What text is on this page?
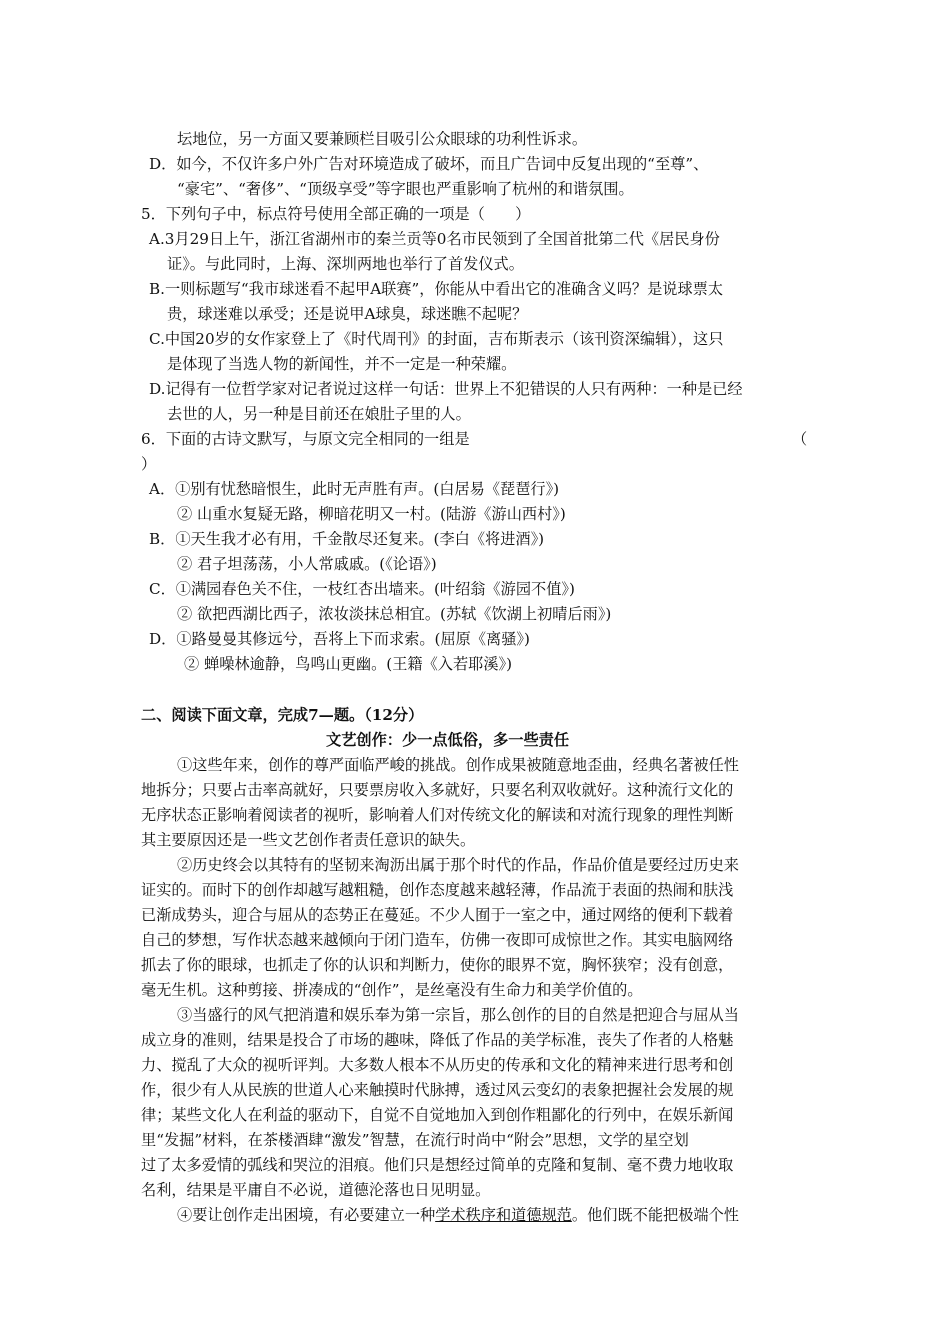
坛地位，另一方面又要兼顾栏目吸引公众眼球的功利性诉求。
D．如今，不仅许多户外广告对环境造成了破坏，而且广告词中反复出现的“至尊”、
“豪宅”、“奢侈”、“顶级享受”等字眼也严重影响了杭州的和谐氛围。
5．下列句子中，标点符号使用全部正确的一项是（　　）
A.3月29日上午，浙江省湖州市的秦兰贡等0名市民领到了全国首批第二代《居民身份
证》。与此同时，上海、深圳两地也举行了首发仪式。
B.一则标题写“我市球迷看不起甲A联赛”，你能从中看出它的准确含义吗？是说球票太
贵，球迷难以承受；还是说甲A球臭，球迷瞧不起呢？
C.中国20岁的女作家登上了《时代周刊》的封面，吉布斯表示（该刊资深编辑），这只
是体现了当选人物的新闻性，并不一定是一种荣耀。
D.记得有一位哲学家对记者说过这样一句话：世界上不犯错误的人只有两种：一种是已经
去世的人，另一种是目前还在娘肚子里的人。
6．下面的古诗文默写，与原文完全相同的一组是	（
）
A．①别有忧愁暗恨生，此时无声胜有声。(白居易《琵琶行》)
② 山重水复疑无路，柳暗花明又一村。(陆游《游山西村》)
B．①天生我才必有用，千金散尽还复来。(李白《将进酒》)
② 君子坦荡荡，小人常戚戚。(《论语》)
C．①满园春色关不住，一枝红杏出墙来。(叶绍翁《游园不值》)
② 欲把西湖比西子，浓妆淡抹总相宜。(苏轼《饮湖上初晴后雨》)
D．①路曼曼其修远兮，吾将上下而求索。(屈原《离骚》)
② 蝉噪林逾静，鸟鸣山更幽。(王籍《入若耶溪》)
二、阅读下面文章，完成7—题。（12分）
文艺创作：少一点低俗，多一些责任
①这些年来，创作的尊严面临严峻的挑战。创作成果被随意地歪曲，经典名著被任性
地拆分；只要占击率高就好，只要票房收入多就好，只要名利双收就好。这种流行文化的
无序状态正影响着阅读者的视听，影响着人们对传统文化的解读和对流行现象的理性判断
其主要原因还是一些文艺创作者责任意识的缺失。
②历史终会以其特有的坚韧来淘沥出属于那个时代的作品，作品价值是要经过历史来
证实的。而时下的创作却越写越粗糙，创作态度越来越轻薄，作品流于表面的热闹和肤浅
已渐成势头，迎合与屈从的态势正在蔓延。不少人囿于一室之中，通过网络的便利下载着
自己的梦想，写作状态越来越倾向于闭门造车，仿佛一夜即可成惊世之作。其实电脑网络
抓去了你的眼球，也抓走了你的认识和判断力，使你的眼界不宽，胸怀狭窄；没有创意，
毫无生机。这种剪接、拼凑成的“创作”，是丝毫没有生命力和美学价值的。
③当盛行的风气把消遣和娱乐奉为第一宗旨，那么创作的目的自然是把迎合与屈从当
成立身的准则，结果是投合了市场的趣味，降低了作品的美学标准，丧失了作者的人格魅
力、搅乱了大众的视听评判。大多数人根本不从历史的传承和文化的精神来进行思考和创
作，很少有人从民族的世道人心来触摸时代脉搏，透过风云变幻的表象把握社会发展的规
律；某些文化人在利益的驱动下，自觉不自觉地加入到创作粗鄙化的行列中，在娱乐新闻
里“发掘”材料，在茶楼酒肆“激发”智慧，在流行时尚中“附会”思想，文学的星空划
过了太多爱情的弧线和哭泣的泪痕。他们只是想经过简单的克隆和复制、毫不费力地收取
名利，结果是平庸自不必说，道德沦落也日见明显。
④要让创作走出困境，有必要建立一种学术秩序和道德规范。他们既不能把极端个性
